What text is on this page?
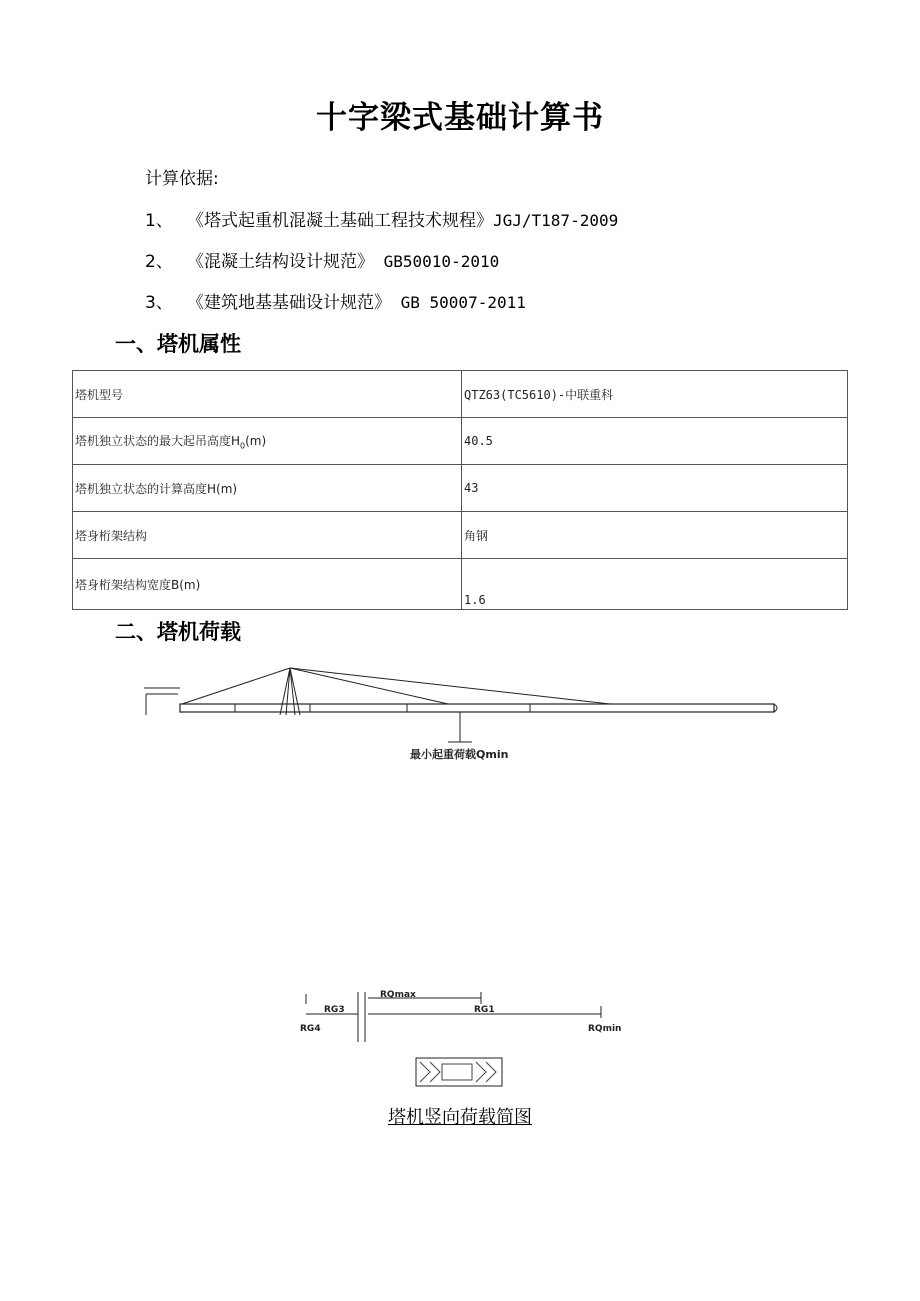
十字梁式基础计算书
计算依据:
1、 《塔式起重机混凝土基础工程技术规程》JGJ/T187-2009
2、 《混凝土结构设计规范》 GB50010-2010
3、 《建筑地基基础设计规范》 GB 50007-2011
一、塔机属性
塔机型号	QTZ63(TC5610)-中联重科
塔机独立状态的最大起吊高度$H_0(m)$	40.5
塔机独立状态的计算高度H(m)	43
塔身桁架结构	角钢
塔身桁架结构宽度B(m)	1.6
二、塔机荷载
最小起重荷载Qmin
RQmax
RG3	RG1
RG4	RQmin
塔机竖向荷载简图
